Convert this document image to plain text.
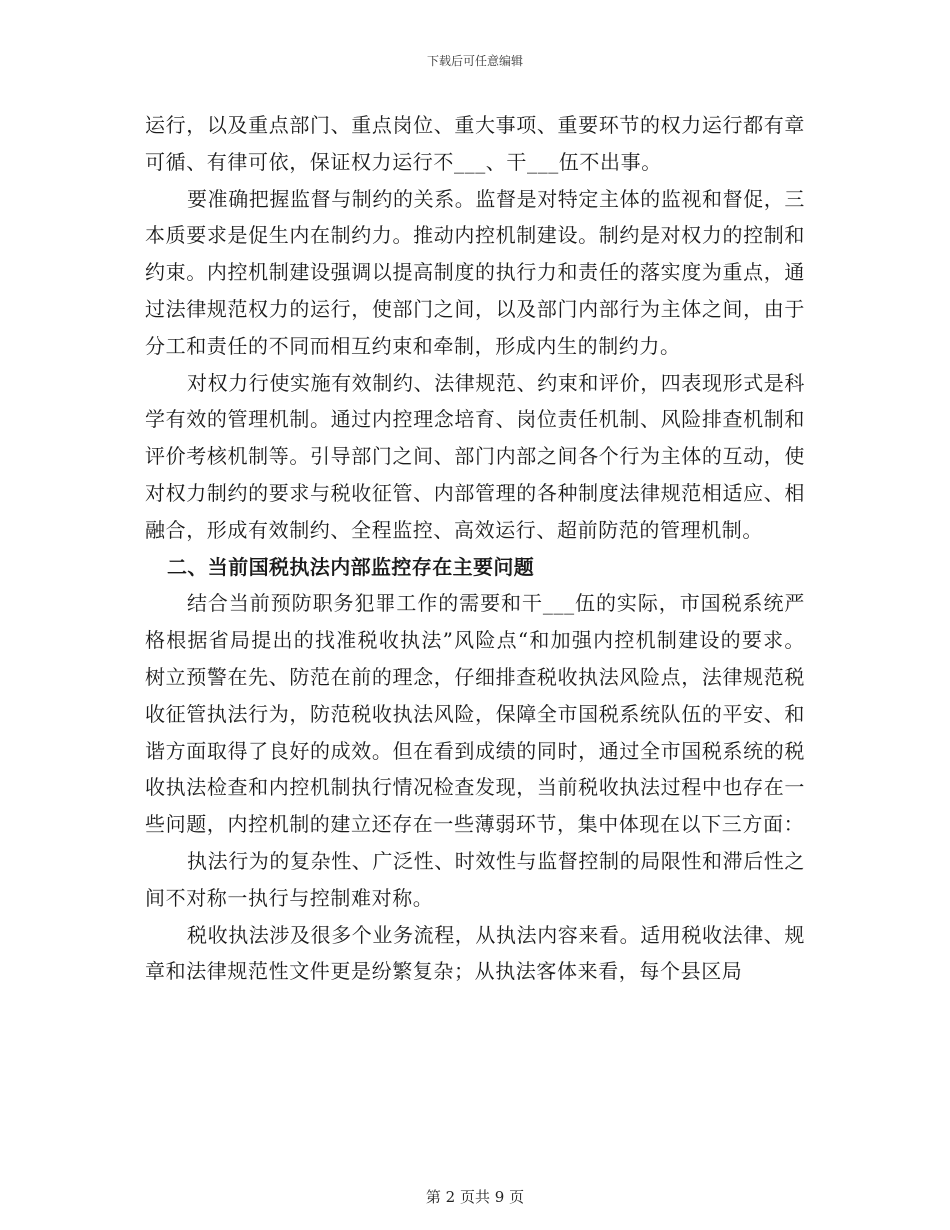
下载后可任意编辑

运行，以及重点部门、重点岗位、重大事项、重要环节的权力运行都有章可循、有律可依，保证权力运行不___、干___伍不出事。

要准确把握监督与制约的关系。监督是对特定主体的监视和督促，三本质要求是促生内在制约力。推动内控机制建设。制约是对权力的控制和约束。内控机制建设强调以提高制度的执行力和责任的落实度为重点，通过法律规范权力的运行，使部门之间，以及部门内部行为主体之间，由于分工和责任的不同而相互约束和牵制，形成内生的制约力。

对权力行使实施有效制约、法律规范、约束和评价，四表现形式是科学有效的管理机制。通过内控理念培育、岗位责任机制、风险排查机制和评价考核机制等。引导部门之间、部门内部之间各个行为主体的互动，使对权力制约的要求与税收征管、内部管理的各种制度法律规范相适应、相融合，形成有效制约、全程监控、高效运行、超前防范的管理机制。

二、当前国税执法内部监控存在主要问题

结合当前预防职务犯罪工作的需要和干___伍的实际，市国税系统严格根据省局提出的找准税收执法”风险点“和加强内控机制建设的要求。树立预警在先、防范在前的理念，仔细排查税收执法风险点，法律规范税收征管执法行为，防范税收执法风险，保障全市国税系统队伍的平安、和谐方面取得了良好的成效。但在看到成绩的同时，通过全市国税系统的税收执法检查和内控机制执行情况检查发现，当前税收执法过程中也存在一些问题，内控机制的建立还存在一些薄弱环节，集中体现在以下三方面：

执法行为的复杂性、广泛性、时效性与监督控制的局限性和滞后性之间不对称一执行与控制难对称。

税收执法涉及很多个业务流程，从执法内容来看。适用税收法律、规章和法律规范性文件更是纷繁复杂；从执法客体来看，每个县区局

第 2 页共 9 页
